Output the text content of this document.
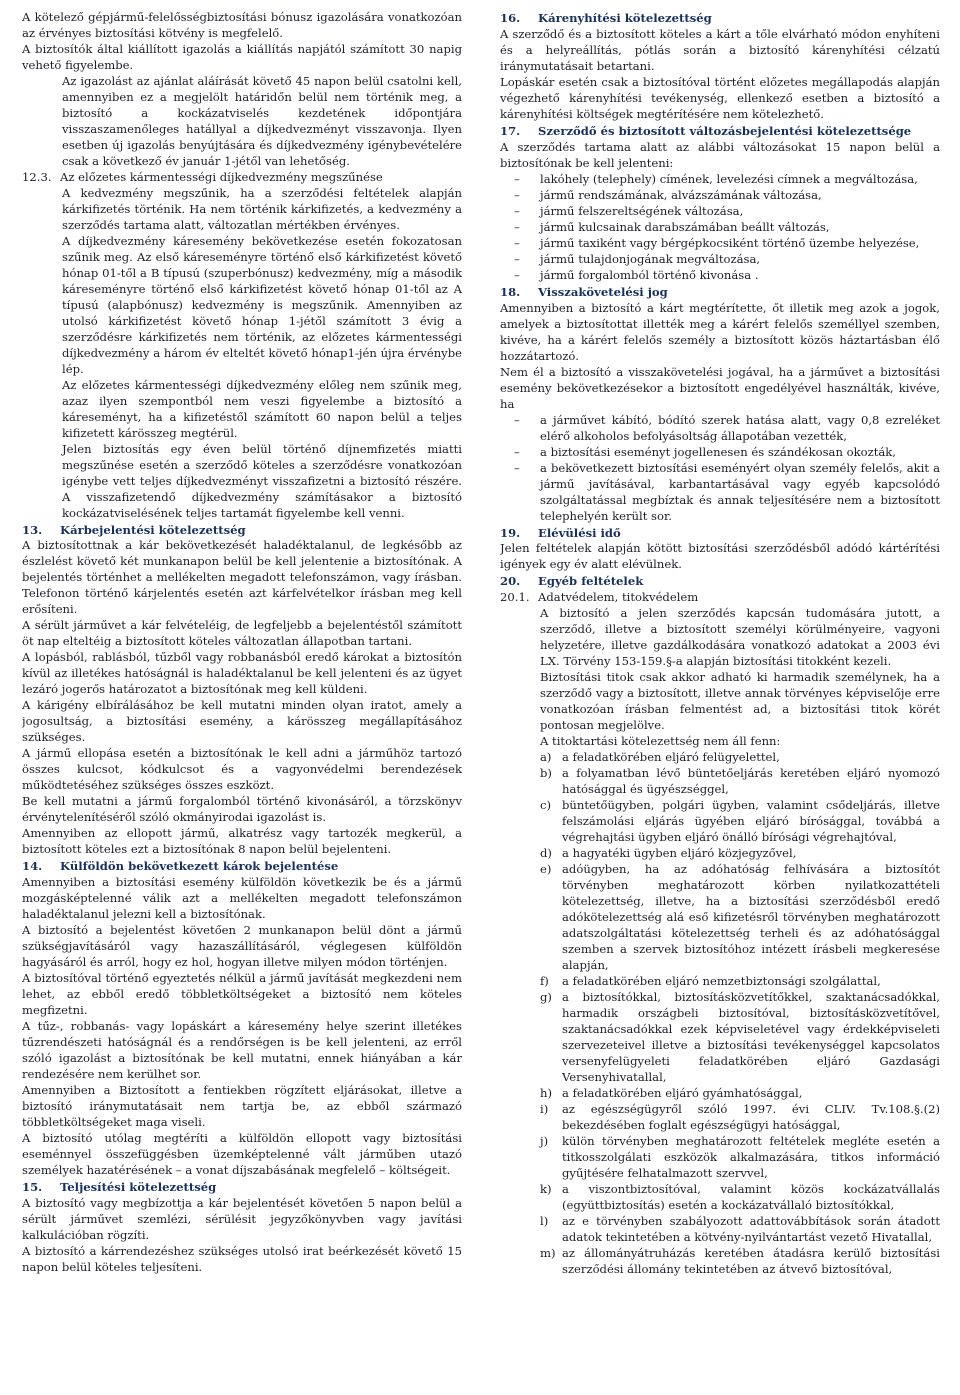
A kötelező gépjármű-felelősségbiztosítási bónusz igazolására vonatkozóan az érvényes biztosítási kötvény is megfelelő.

A biztosítók által kiállított igazolás a kiállítás napjától számított 30 napig vehető figyelembe.

Az igazolást az ajánlat aláírását követő 45 napon belül csatolni kell, amennyiben ez a megjelölt határidőn belül nem történik meg, a biztosító a kockázatviselés kezdetének időpontjára visszaszamenőleges hatállyal a díjkedvezményt visszavonja. Ilyen esetben új igazolás benyújtására és díjkedvezmény igénybevételére csak a következő év január 1-jétől van lehetőség.

12.3. Az előzetes kármentességi díjkedvezmény megszűnése

A kedvezmény megszűnik, ha a szerződési feltételek alapján kárkifizetés történik. Ha nem történik kárkifizetés, a kedvezmény a szerződés tartama alatt, változatlan mértékben érvényes.

A díjkedvezmény káresemény bekövetkezése esetén fokozatosan szűnik meg. Az első káreseményre történő első kárkifizetést követő hónap 01-től a B típusú (szuperbónusz) kedvezmény, míg a második káreseményre történő első kárkifizetést követő hónap 01-től az A típusú (alapbónusz) kedvezmény is megszűnik. Amennyiben az utolsó kárkifizetést követő hónap 1-jétől számított 3 évig a szerződésre kárkifizetés nem történik, az előzetes kármentességi díjkedvezmény a három év elteltét követő hónap1-jén újra érvénybe lép.

Az előzetes kármentességi díjkedvezmény előleg nem szűnik meg, azaz ilyen szempontból nem veszi figyelembe a biztosító a káreseményt, ha a kifizetéstől számított 60 napon belül a teljes kifizetett kárösszeg megtérül.

Jelen biztosítás egy éven belül történő díjnemfizetés miatti megszűnése esetén a szerződő köteles a szerződésre vonatkozóan igénybe vett teljes díjkedvezményt visszafizetni a biztosító részére. A visszafizetendő díjkedvezmény számításakor a biztosító kockázatviselésének teljes tartamát figyelembe kell venni.

13.	Kárbejelentési kötelezettség

A biztosítottnak a kár bekövetkezését haladéktalanul, de legkésőbb az észlelést követő két munkanapon belül be kell jelentenie a biztosítónak. A bejelentés történhet a mellékelten megadott telefonszámon, vagy írásban. Telefonon történő kárjelentés esetén azt kárfelvételkor írásban meg kell erősíteni.

A sérült járművet a kár felvételéig, de legfeljebb a bejelentéstől számított öt nap elteltéig a biztosított köteles változatlan állapotban tartani.

A lopásból, rablásból, tűzből vagy robbanásból eredő károkat a biztosítón kívül az illetékes hatóságnál is haladéktalanul be kell jelenteni és az ügyet lezáró jogerős határozatot a biztosítónak meg kell küldeni.

A kárigény elbírálásához be kell mutatni minden olyan iratot, amely a jogosultság, a biztosítási esemény, a kárösszeg megállapításához szükséges.

A jármű ellopása esetén a biztosítónak le kell adni a járműhöz tartozó összes kulcsot, kódkulcsot és a vagyonvédelmi berendezések működtetéséhez szükséges összes eszközt.

Be kell mutatni a jármű forgalomból történő kivonásáról, a törzskönyv érvénytelenítéséről szóló okmányirodai igazolást is.

Amennyiben az ellopott jármű, alkatrész vagy tartozék megkerül, a biztosított köteles ezt a biztosítónak 8 napon belül bejelenteni.

14.	Külföldön bekövetkezett károk bejelentése

Amennyiben a biztosítási esemény külföldön következik be és a jármű mozgásképtelenné válik azt a mellékelten megadott telefonszámon haladéktalanul jelezni kell a biztosítónak.

A biztosító a bejelentést követően 2 munkanapon belül dönt a jármű szükségjavításáról vagy hazaszállításáról, véglegesen külföldön hagyásáról és arról, hogy ez hol, hogyan illetve milyen módon történjen.

A biztosítóval történő egyeztetés nélkül a jármű javítását megkezdeni nem lehet, az ebből eredő többletköltségeket a biztosító nem köteles megfizetni.

A tűz-, robbanás- vagy lopáskárt a káresemény helye szerint illetékes tűzrendészeti hatóságnál és a rendőrségen is be kell jelenteni, az erről szóló igazolást a biztosítónak be kell mutatni, ennek hiányában a kár rendezésére nem kerülhet sor.

Amennyiben a Biztosított a fentiekben rögzített eljárásokat, illetve a biztosító iránymutatásait nem tartja be, az ebből származó többletköltségeket maga viseli.

A biztosító utólag megtéríti a külföldön ellopott vagy biztosítási eseménnyel összefüggésben üzemképtelenné vált járműben utazó személyek hazatérésének – a vonat díjszabásának megfelelő – költségeit.

15.	Teljesítési kötelezettség

A biztosító vagy megbízottja a kár bejelentését követően 5 napon belül a sérült járművet szemlézi, sérülésit jegyzőkönyvben vagy javítási kalkulációban rögzíti.

A biztosító a kárrendezéshez szükséges utolsó irat beérkezését követő 15 napon belül köteles teljesíteni.

16.	Kárenyhítési kötelezettség

A szerződő és a biztosított köteles a kárt a tőle elvárható módon enyhíteni és a helyreállítás, pótlás során a biztosító kárenyhítési célzatú iránymutatásait betartani.

Lopáskár esetén csak a biztosítóval történt előzetes megállapodás alapján végezhető kárenyhítési tevékenység, ellenkező esetben a biztosító a kárenyhítési költségek megtérítésére nem kötelezhető.

17.	Szerződő és biztosított változásbejelentési kötelezettsége

A szerződés tartama alatt az alábbi változásokat 15 napon belül a biztosítónak be kell jelenteni:

–	lakóhely (telephely) címének, levelezési címnek a megváltozása,
–	jármű rendszámának, alvázszámának változása,
–	jármű felszereltségének változása,
–	jármű kulcsainak darabszámában beállt változás,
–	jármű taxiként vagy bérgépkocsiként történő üzembe helyezése,
–	jármű tulajdonjogának megváltozása,
–	jármű forgalomból történő kivonása .
18.	Visszakövetelési jog

Amennyiben a biztosító a kárt megtérítette, őt illetik meg azok a jogok, amelyek a biztosítottat illették meg a kárért felelős személlyel szemben, kivéve, ha a kárért felelős személy a biztosított közös háztartásban élő hozzátartozó.

Nem él a biztosító a visszakövetelési jogával, ha a járművet a biztosítási esemény bekövetkezésekor a biztosított engedélyével használták, kivéve, ha

–	a járművet kábító, bódító szerek hatása alatt, vagy 0,8 ezreléket elérő alkoholos befolyásoltság állapotában vezették,
–	a biztosítási eseményt jogellenesen és szándékosan okozták,
–	a bekövetkezett biztosítási eseményért olyan személy felelős, akit a jármű javításával, karbantartásával vagy egyéb kapcsolódó szolgáltatással megbíztak és annak teljesítésére nem a biztosított telephelyén került sor.
19.	Elévülési idő

Jelen feltételek alapján kötött biztosítási szerződésből adódó kártérítési igények egy év alatt elévülnek.

20.	Egyéb feltételek
20.1. Adatvédelem, titokvédelem

A biztosító a jelen szerződés kapcsán tudomására jutott, a szerződő, illetve a biztosított személyi körülményeire, vagyoni helyzetére, illetve gazdálkodására vonatkozó adatokat a 2003 évi LX. Törvény 153-159.§-a alapján biztosítási titokként kezeli.

Biztosítási titok csak akkor adható ki harmadik személynek, ha a szerződő vagy a biztosított, illetve annak törvényes képviselője erre vonatkozóan írásban felmentést ad, a biztosítási titok körét pontosan megjelölve.

A titoktartási kötelezettség nem áll fenn:

a) a feladatkörében eljáró felügyelettel,
b) a folyamatban lévő büntetőeljárás keretében eljáró nyomozó hatósággal és ügyészséggel,
c) büntetőügyben, polgári ügyben, valamint csődeljárás, illetve felszámolási eljárás ügyében eljáró bírósággal, továbbá a végrehajtási ügyben eljáró önálló bírósági végrehajtóval,
d) a hagyatéki ügyben eljáró közjegyzővel,
e) adóügyben, ha az adóhatóság felhívására a biztosítót törvényben meghatározott körben nyilatkozattételi kötelezettség, illetve, ha a biztosítási szerződésből eredő adókötelezettség alá eső kifizetésről törvényben meghatározott adatszolgáltatási kötelezettség terheli és az adóhatósággal szemben a szervek biztosítóhoz intézett írásbeli megkeresése alapján,
f)	a feladatkörében eljáró nemzetbiztonsági szolgálattal,
g) a biztosítókkal, biztosításközvetítőkkel, szaktanácsadókkal, harmadik országbeli biztosítóval, biztosításközvetítővel, szaktanácsadókkal ezek képviseletével vagy érdekképviseleti szervezeteivel illetve a biztosítási tevékenységgel kapcsolatos versenyfelügyeleti feladatkörében eljáró Gazdasági Versenyhivatallal,
h) a feladatkörében eljáró gyámhatósággal,
i)	az egészségügyről szóló 1997. évi CLIV. Tv.108.§.(2) bekezdésében foglalt egészségügyi hatósággal,
j)	külön törvényben meghatározott feltételek megléte esetén a titkosszolgálati eszközök alkalmazására, titkos információ gyűjtésére felhatalmazott szervvel,
k) a viszontbiztosítóval, valamint közös kockázatvállalás (együttbiztosítás) esetén a kockázatvállaló biztosítókkal,
l)	az e törvényben szabályozott adattovábbítások során átadott adatok tekintetében a kötvény-nyilvántartást vezető Hivatallal,
m) az állományátruházás keretében átadásra kerülő biztosítási szerződési állomány tekintetében az átvevő biztosítóval,
